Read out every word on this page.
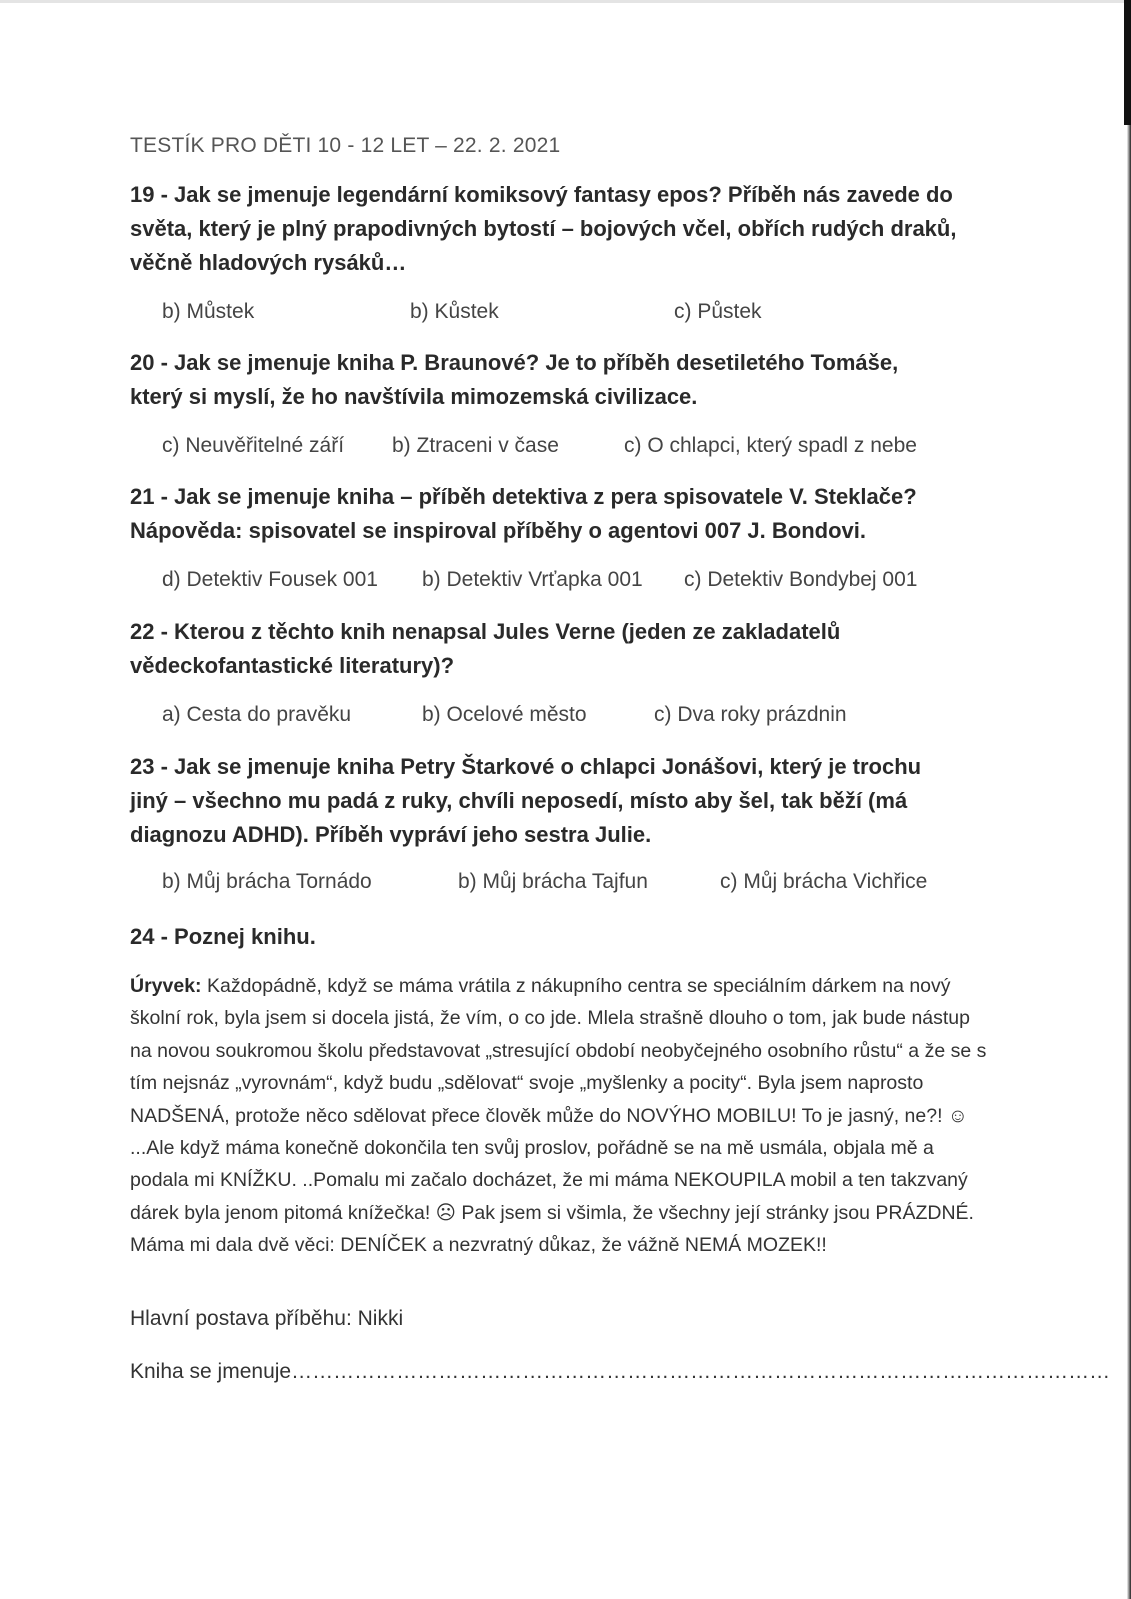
TESTÍK PRO DĚTI 10 - 12 LET – 22. 2. 2021
19 - Jak se jmenuje legendární komiksový fantasy epos? Příběh nás zavede do světa, který je plný prapodivných bytostí – bojových včel, obřích rudých draků, věčně hladových rysáků…
b) Můstek	b) Kůstek	c) Půstek
20 - Jak se jmenuje kniha P. Braunové? Je to příběh desetiletého Tomáše, který si myslí, že ho navštívila mimozemská civilizace.
c) Neuvěřitelné září b) Ztraceni v čase	c) O chlapci, který spadl z nebe
21 - Jak se jmenuje kniha – příběh detektiva z pera spisovatele V. Steklače? Nápověda: spisovatel se inspiroval příběhy o agentovi 007 J. Bondovi.
d) Detektiv Fousek 001 b) Detektiv Vrťapka 001 c) Detektiv Bondybej 001
22 - Kterou z těchto knih nenapsal Jules Verne (jeden ze zakladatelů vědeckofantastické literatury)?
a) Cesta do pravěku	b) Ocelové město	c) Dva roky prázdnin
23 - Jak se jmenuje kniha Petry Štarkové o chlapci Jonášovi, který je trochu jiný – všechno mu padá z ruky, chvíli neposedí, místo aby šel, tak běží (má diagnozu ADHD). Příběh vypráví jeho sestra Julie.
b) Můj brácha Tornádo	b) Můj brácha Tajfun	c) Můj brácha Vichřice
24 - Poznej knihu.
Úryvek: Každopádně, když se máma vrátila z nákupního centra se speciálním dárkem na nový školní rok, byla jsem si docela jistá, že vím, o co jde. Mlela strašně dlouho o tom, jak bude nástup na novou soukromou školu představovat „stresující období neobyčejného osobního růstu“ a že se s tím nejsnáz „vyrovnám“, když budu „sdělovat“ svoje „myšlenky a pocity“. Byla jsem naprosto NADŠENÁ, protože něco sdělovat přece člověk může do NOVÝHO MOBILU! To je jasný, ne?! ☺ ...Ale když máma konečně dokončila ten svůj proslov, pořádně se na mě usmála, objala mě a podala mi KNÍŽKU. ..Pomalu mi začalo docházet, že mi máma NEKOUPILA mobil a ten takzvaný dárek byla jenom pitomá knížečka! ☹ Pak jsem si všimla, že všechny její stránky jsou PRÁZDNÉ. Máma mi dala dvě věci: DENÍČEK a nezvratný důkaz, že vážně NEMÁ MOZEK!!
Hlavní postava příběhu: Nikki
Kniha se jmenuje………………………………………………………………………………………………………
